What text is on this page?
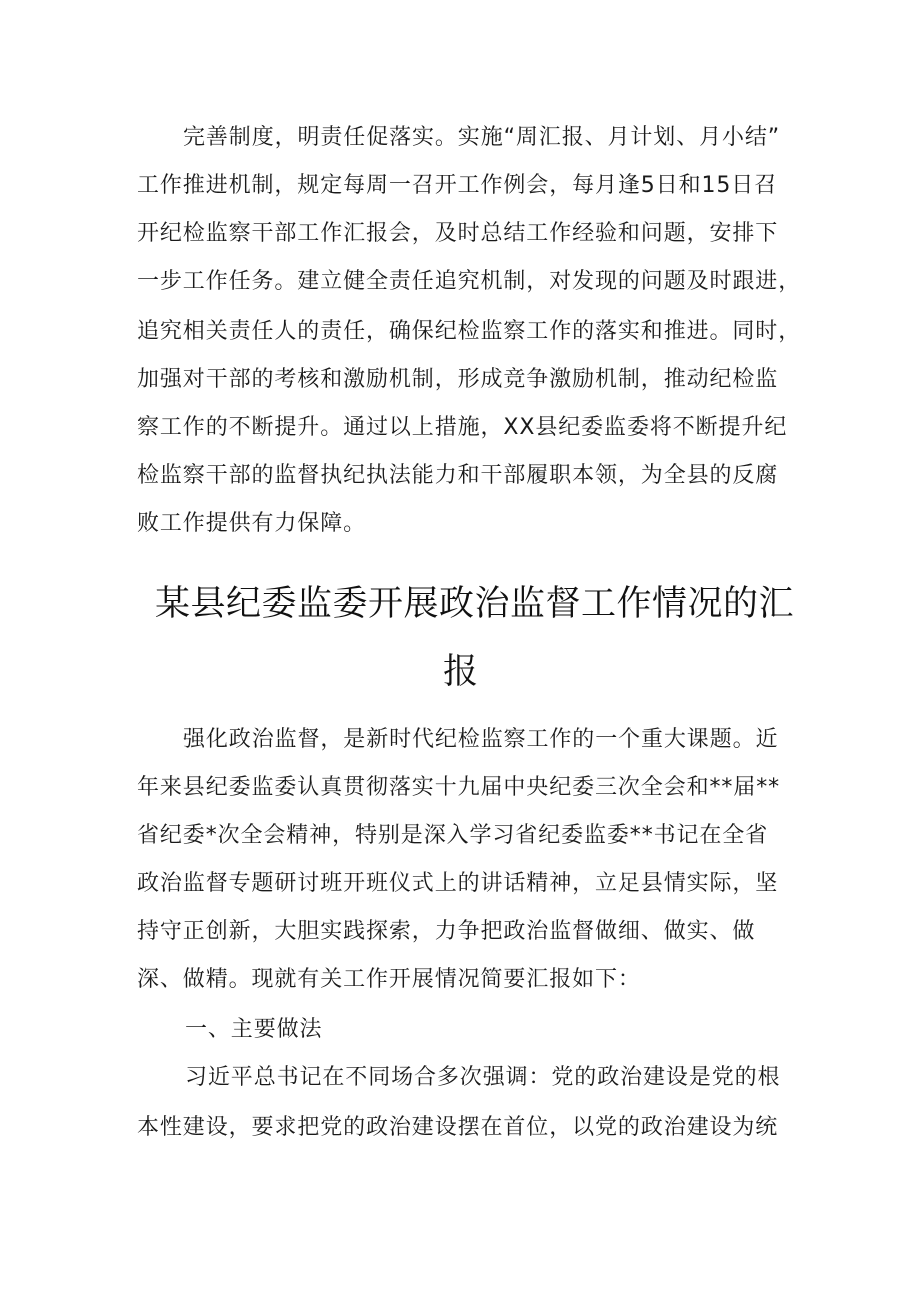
完善制度，明责任促落实。实施“周汇报、月计划、月小结”
工作推进机制，规定每周一召开工作例会，每月逢5日和15日召
开纪检监察干部工作汇报会，及时总结工作经验和问题，安排下
一步工作任务。建立健全责任追究机制，对发现的问题及时跟进，
追究相关责任人的责任，确保纪检监察工作的落实和推进。同时，
加强对干部的考核和激励机制，形成竞争激励机制，推动纪检监
察工作的不断提升。通过以上措施，XX县纪委监委将不断提升纪
检监察干部的监督执纪执法能力和干部履职本领，为全县的反腐
败工作提供有力保障。
某县纪委监委开展政治监督工作情况的汇
报
强化政治监督，是新时代纪检监察工作的一个重大课题。近
年来县纪委监委认真贯彻落实十九届中央纪委三次全会和**届**
省纪委*次全会精神，特别是深入学习省纪委监委**书记在全省
政治监督专题研讨班开班仪式上的讲话精神，立足县情实际，坚
持守正创新，大胆实践探索，力争把政治监督做细、做实、做
深、做精。现就有关工作开展情况简要汇报如下：
一、主要做法
习近平总书记在不同场合多次强调：党的政治建设是党的根
本性建设，要求把党的政治建设摆在首位，以党的政治建设为统
